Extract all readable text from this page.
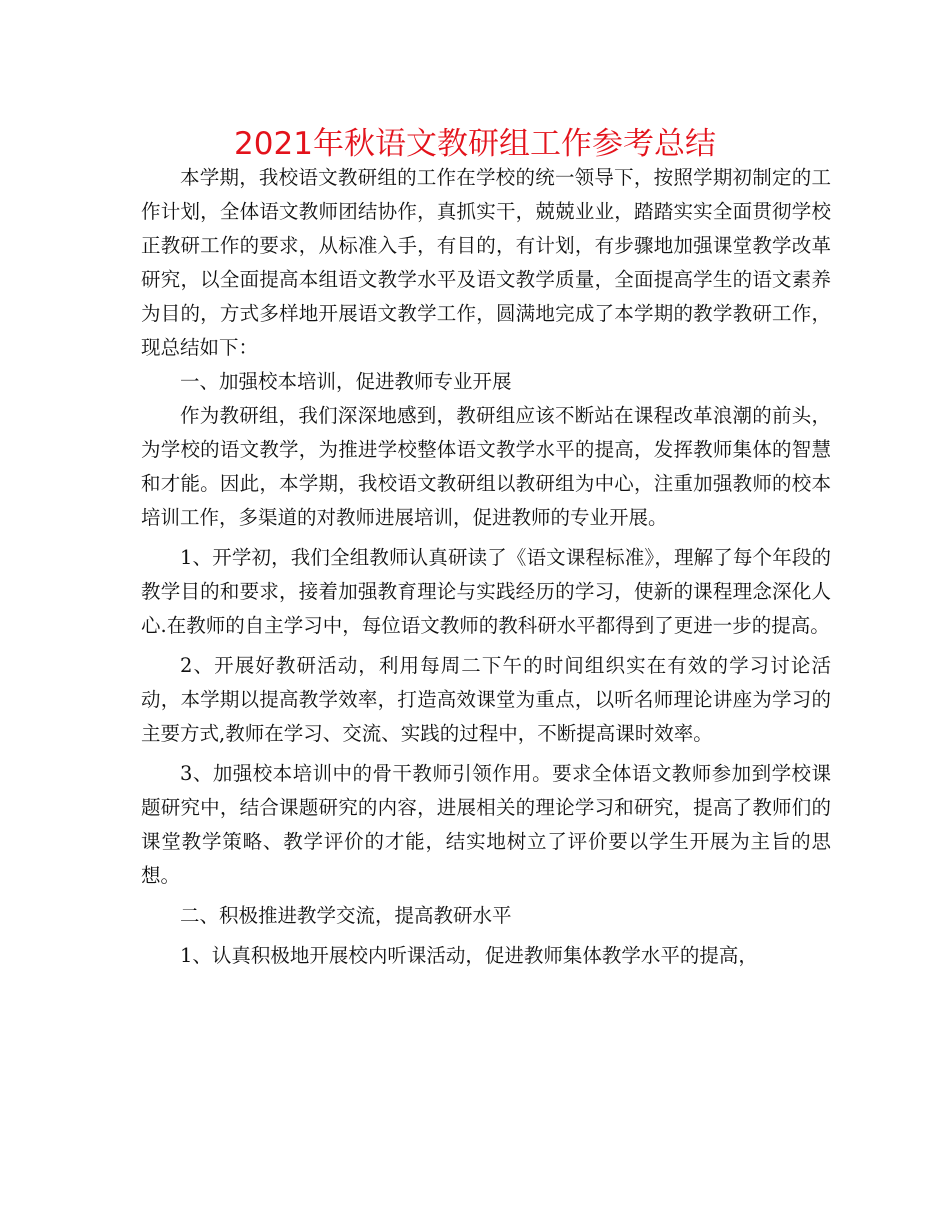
2021年秋语文教研组工作参考总结

本学期，我校语文教研组的工作在学校的统一领导下，按照学期初制定的工作计划，全体语文教师团结协作，真抓实干，兢兢业业，踏踏实实全面贯彻学校正教研工作的要求，从标准入手，有目的，有计划，有步骤地加强课堂教学改革研究，以全面提高本组语文教学水平及语文教学质量，全面提高学生的语文素养为目的，方式多样地开展语文教学工作，圆满地完成了本学期的教学教研工作，现总结如下：

一、加强校本培训，促进教师专业开展

作为教研组，我们深深地感到，教研组应该不断站在课程改革浪潮的前头，为学校的语文教学，为推进学校整体语文教学水平的提高，发挥教师集体的智慧和才能。因此，本学期，我校语文教研组以教研组为中心，注重加强教师的校本培训工作，多渠道的对教师进展培训，促进教师的专业开展。

1、开学初，我们全组教师认真研读了《语文课程标准》，理解了每个年段的教学目的和要求，接着加强教育理论与实践经历的学习，使新的课程理念深化人心.在教师的自主学习中，每位语文教师的教科研水平都得到了更进一步的提高。

2、开展好教研活动，利用每周二下午的时间组织实在有效的学习讨论活动，本学期以提高教学效率，打造高效课堂为重点，以听名师理论讲座为学习的主要方式,教师在学习、交流、实践的过程中，不断提高课时效率。

3、加强校本培训中的骨干教师引领作用。要求全体语文教师参加到学校课题研究中，结合课题研究的内容，进展相关的理论学习和研究，提高了教师们的课堂教学策略、教学评价的才能，结实地树立了评价要以学生开展为主旨的思想。

二、积极推进教学交流，提高教研水平

1、认真积极地开展校内听课活动，促进教师集体教学水平的提高，
